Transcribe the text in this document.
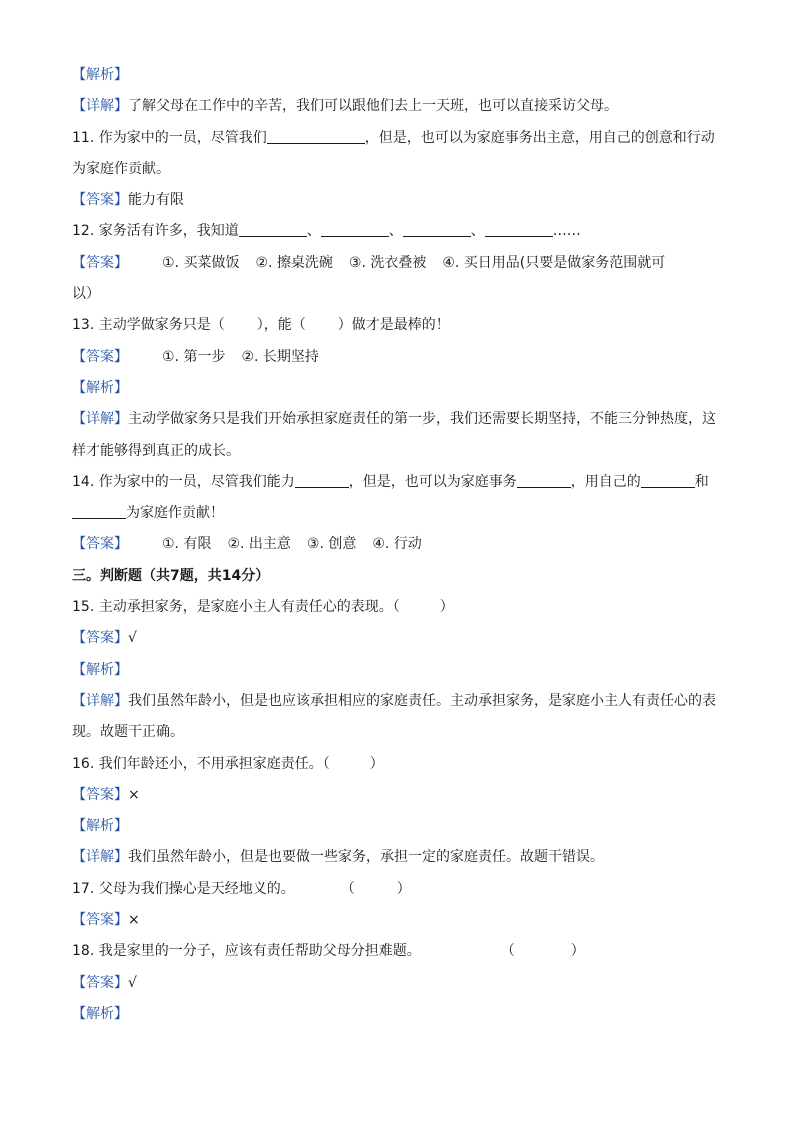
【解析】
【详解】了解父母在工作中的辛苦，我们可以跟他们去上一天班，也可以直接采访父母。
11. 作为家中的一员，尽管我们	，但是，也可以为家庭事务出主意，用自己的创意和行动
为家庭作贡献。
【答案】能力有限
12. 家务活有许多，我知道	、	、	、	……
【答案】 ①. 买菜做饭 ②. 擦桌洗碗 ③. 洗衣叠被 ④. 买日用品(只要是做家务范围就可
以）
13. 主动学做家务只是（ ），能（ ）做才是最棒的！
【答案】 ①. 第一步 ②. 长期坚持
【解析】
【详解】主动学做家务只是我们开始承担家庭责任的第一步，我们还需要长期坚持，不能三分钟热度，这
样才能够得到真正的成长。
14. 作为家中的一员，尽管我们能力	，但是，也可以为家庭事务	，用自己的	和
为家庭作贡献！
【答案】 ①. 有限 ②. 出主意 ③. 创意 ④. 行动
三。判断题（共7题，共14分）
15. 主动承担家务，是家庭小主人有责任心的表现。（	）
【答案】√
【解析】
【详解】我们虽然年龄小，但是也应该承担相应的家庭责任。主动承担家务，是家庭小主人有责任心的表
现。故题干正确。
16. 我们年龄还小，不用承担家庭责任。（	）
【答案】×
【解析】
【详解】我们虽然年龄小，但是也要做一些家务，承担一定的家庭责任。故题干错误。
17. 父母为我们操心是天经地义的。	（	）
【答案】×
18. 我是家里的一分子，应该有责任帮助父母分担难题。	（	）
【答案】√
【解析】
